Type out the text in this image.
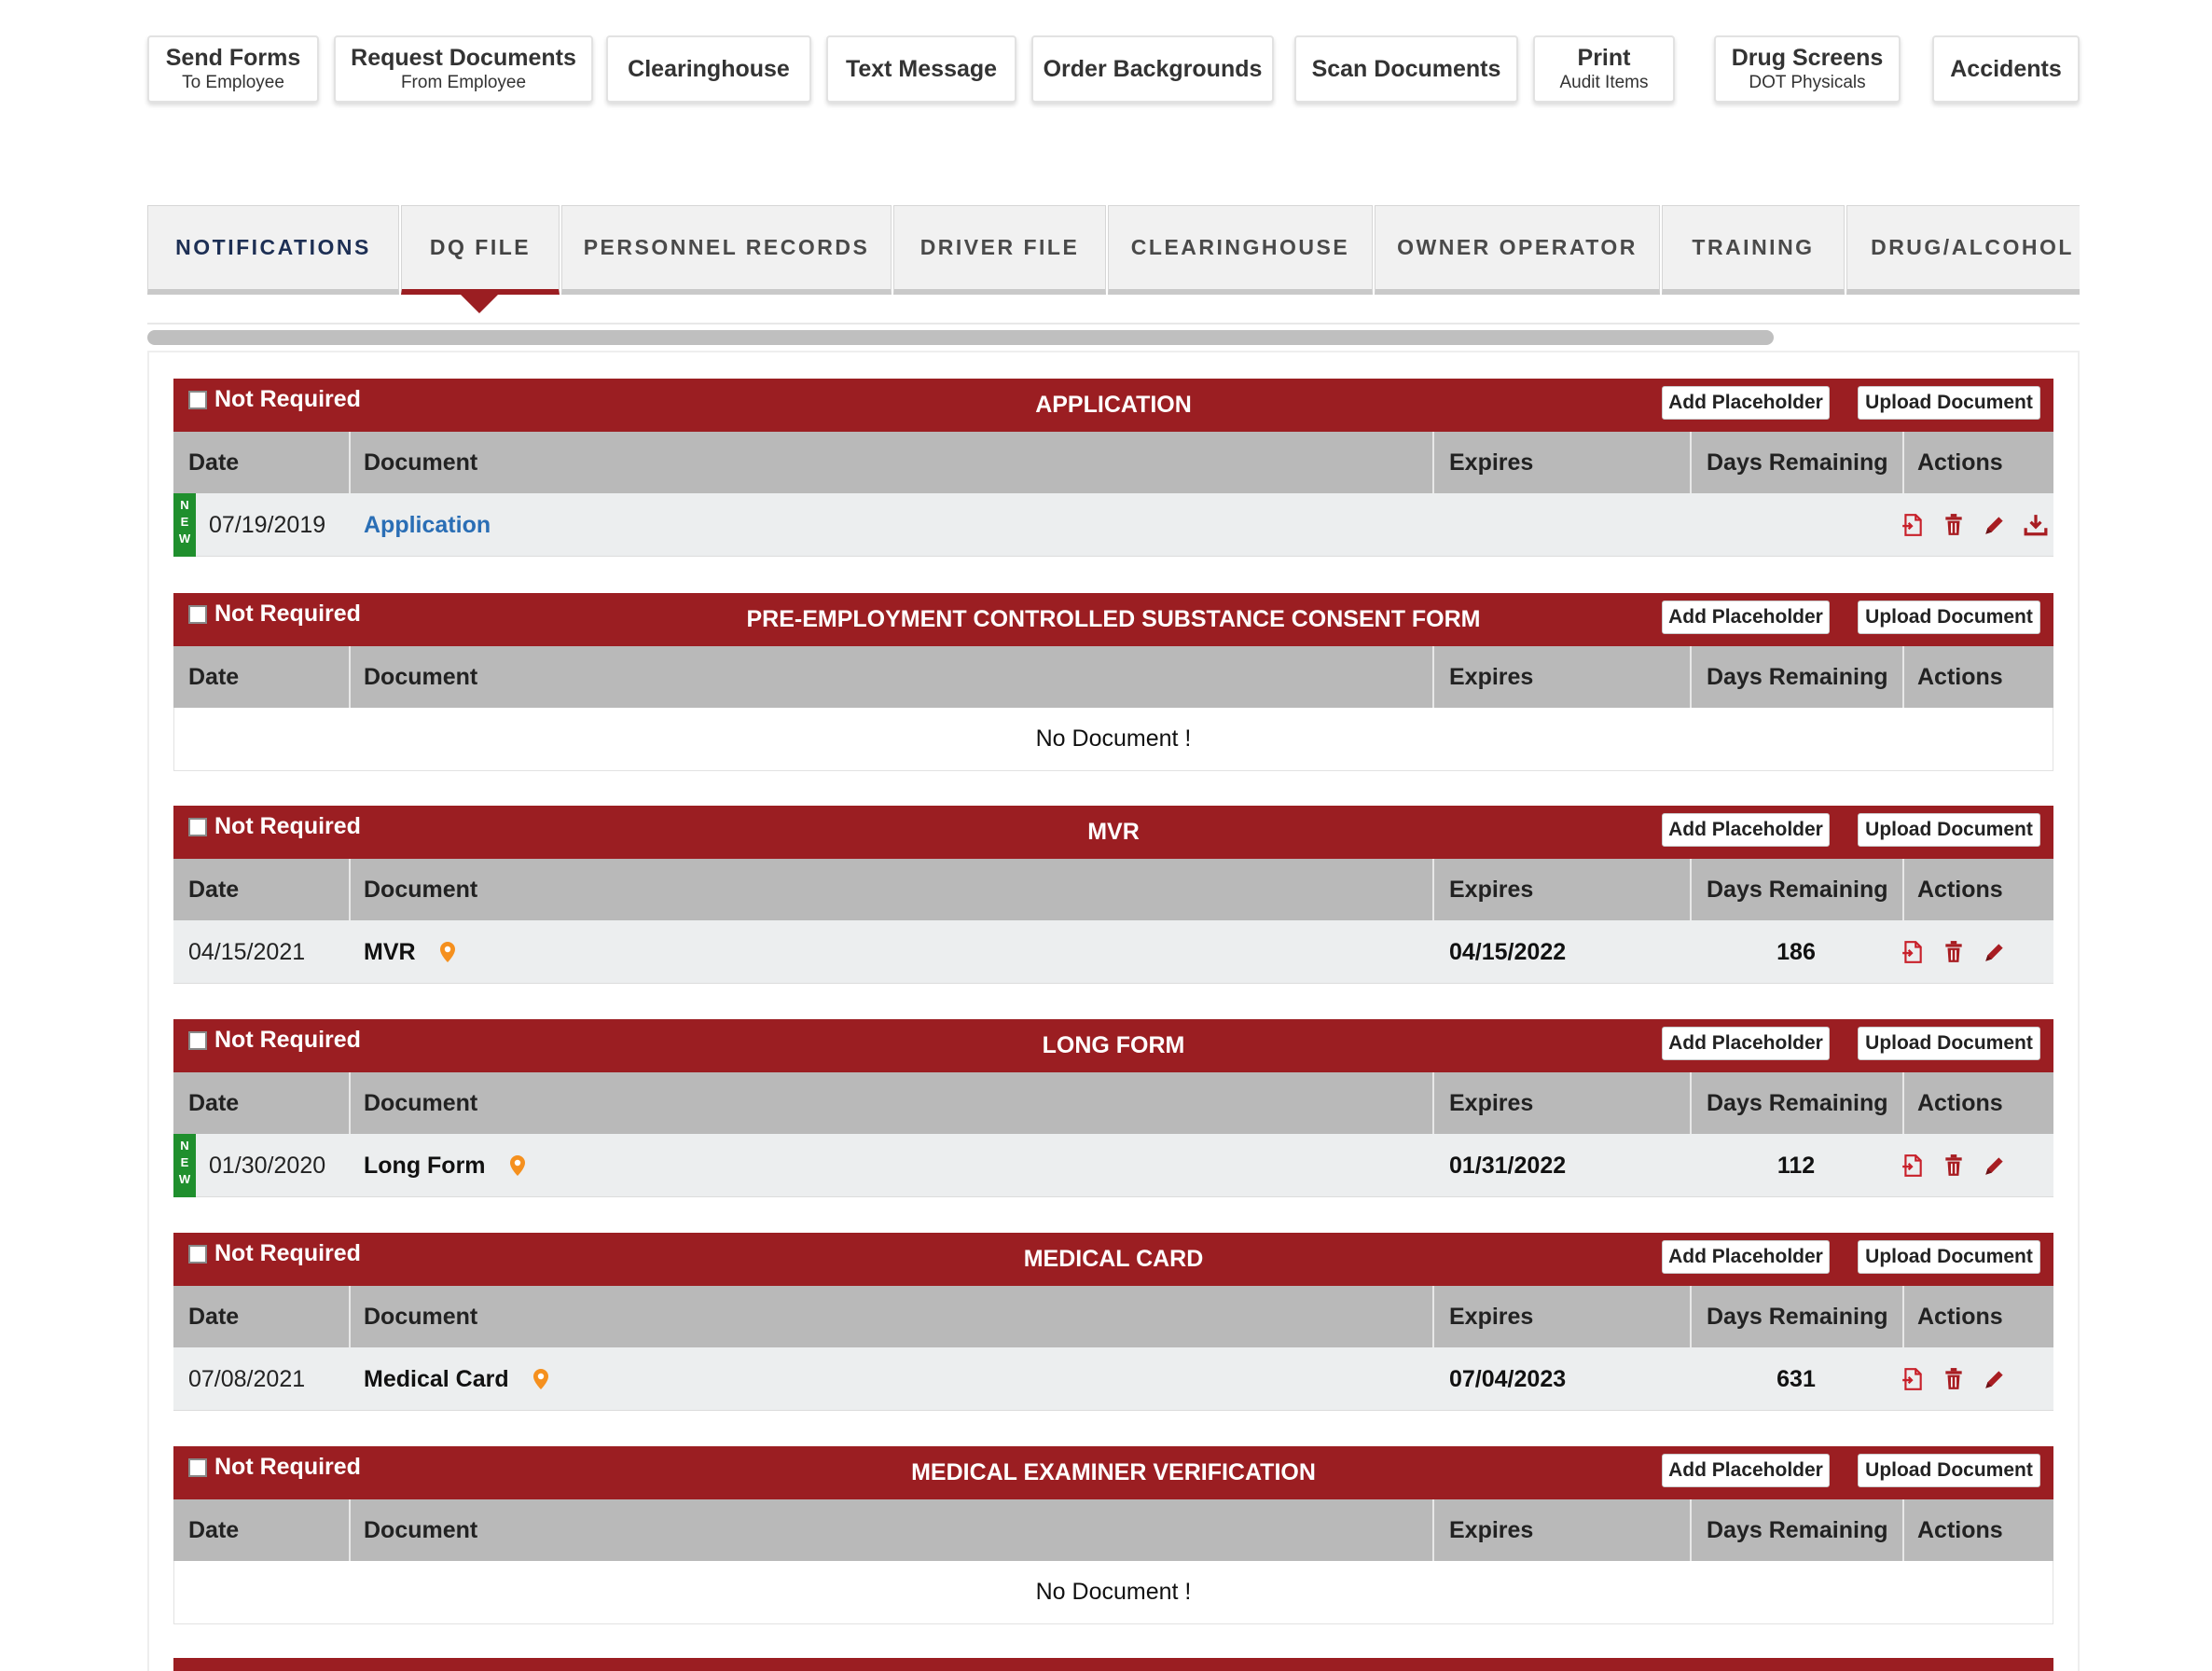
Send Forms
To Employee
Request Documents
From Employee
Clearinghouse Text Message Order Backgrounds Scan Documents	Print
Audit Items
Drug Screens
DOT Physicals
Accidents
NOTIFICATIONS	DQ FILE	PERSONNEL RECORDS	DRIVER FILE	CLEARINGHOUSE	OWNER OPERATOR	TRAINING	DRUG/ALCOHOL
Not Required	APPLICATION	Add Placeholder	Upload Document
Date	Document	Expires	Days Remaining Actions
N
E
W
07/19/2019 Application
Not Required	PRE-EMPLOYMENT CONTROLLED SUBSTANCE CONSENT FORM	Add Placeholder	Upload Document
Date	Document	Expires	Days Remaining Actions
No Document !
Not Required	MVR	Add Placeholder	Upload Document
Date	Document	Expires	Days Remaining Actions
04/15/2021	MVR	04/15/2022	186
Not Required	LONG FORM	Add Placeholder	Upload Document
Date	Document	Expires	Days Remaining Actions
N
E
W
01/30/2020 Long Form	01/31/2022	112
Not Required	MEDICAL CARD	Add Placeholder	Upload Document
Date	Document	Expires	Days Remaining Actions
07/08/2021	Medical Card	07/04/2023	631
Not Required	MEDICAL EXAMINER VERIFICATION	Add Placeholder	Upload Document
Date	Document	Expires	Days Remaining Actions
No Document !
